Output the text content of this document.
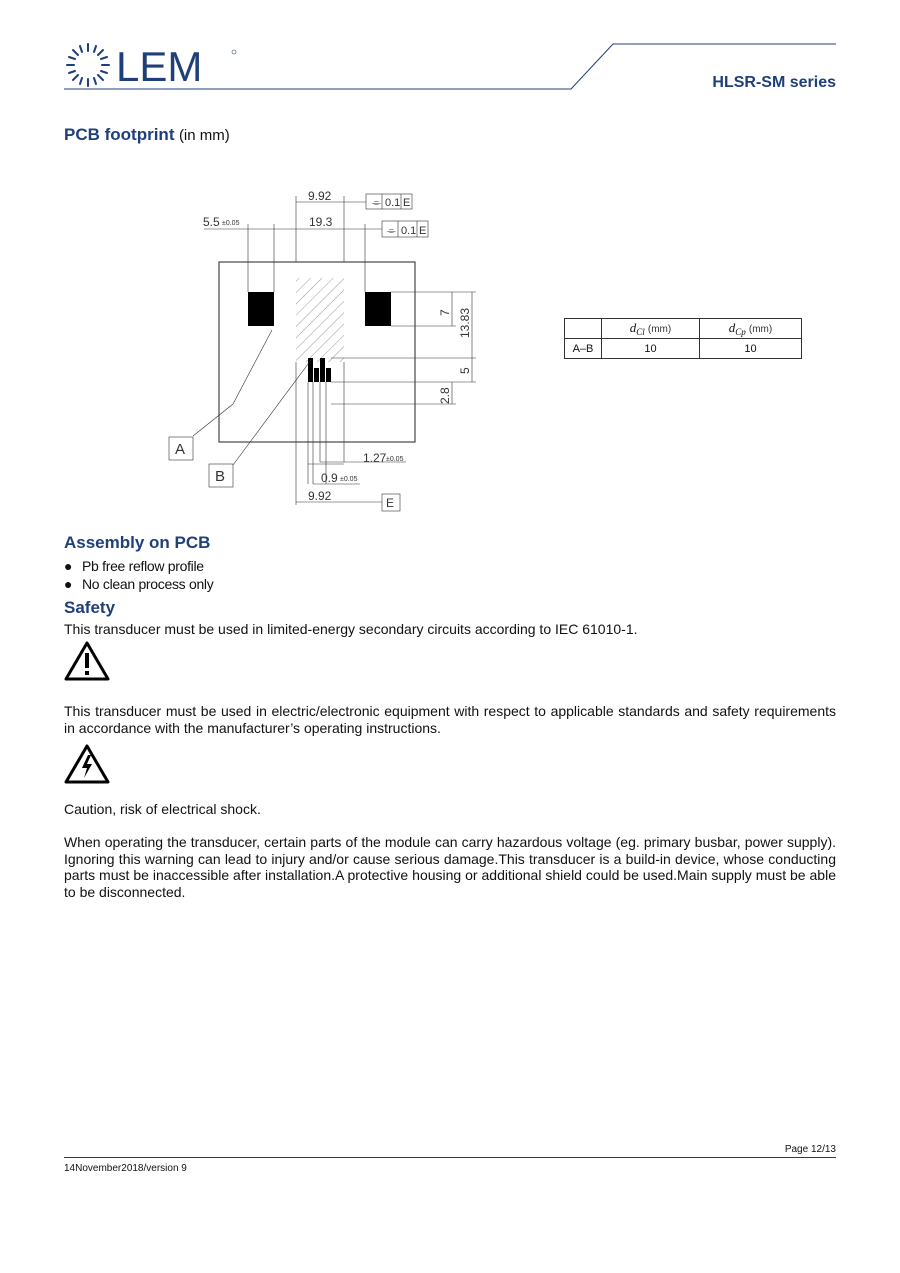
LEM	HLSR-SM series
PCB footprint (in mm)
9.92	⌯ 0.1 E
19.3
5.5 ±0.05
⌯ 0.1 E
7 13.83
5
2.8
1.27 ±0.05
0.9 ±0.05
9.92	E
A
B
	$d_{Cl}$ (mm)	$d_{Cp}$ (mm)
A–B	10	10
Assembly on PCB
● Pb free reflow profile
● No clean process only
Safety
This transducer must be used in limited-energy secondary circuits according to IEC 61010-1.
This transducer must be used in electric/electronic equipment with respect to applicable standards and safety requirements in accordance with the manufacturer’s operating instructions.
Caution, risk of electrical shock.
When operating the transducer, certain parts of the module can carry hazardous voltage (eg. primary busbar, power supply). Ignoring this warning can lead to injury and/or cause serious damage.This transducer is a build-in device, whose conducting parts must be inaccessible after installation.A protective housing or additional shield could be used.Main supply must be able to be disconnected.
Page 12/13
14November2018/version 9
